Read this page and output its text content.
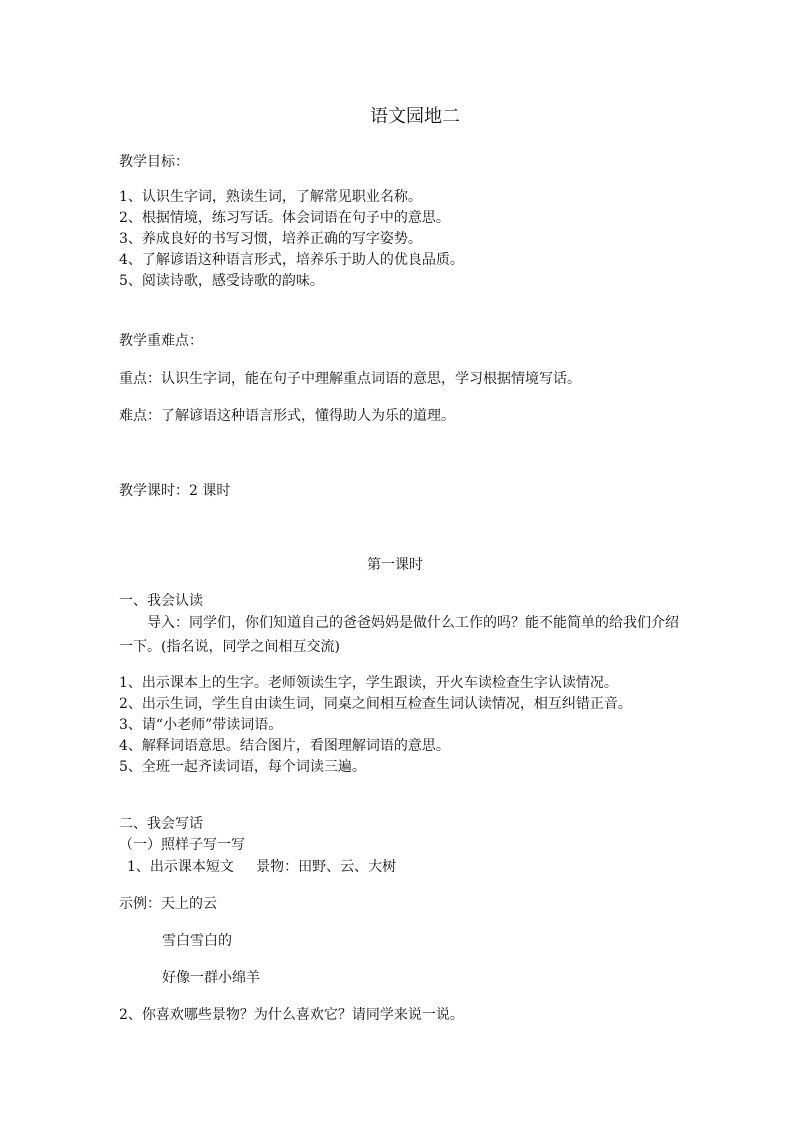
语文园地二
教学目标：
1、认识生字词，熟读生词，了解常见职业名称。
2、根据情境，练习写话。体会词语在句子中的意思。
3、养成良好的书写习惯，培养正确的写字姿势。
4、了解谚语这种语言形式，培养乐于助人的优良品质。
5、阅读诗歌，感受诗歌的韵味。
教学重难点：
重点：认识生字词，能在句子中理解重点词语的意思，学习根据情境写话。
难点：了解谚语这种语言形式，懂得助人为乐的道理。
教学课时：2 课时
第一课时
一、我会认读
导入：同学们，你们知道自己的爸爸妈妈是做什么工作的吗？能不能简单的给我们介绍
一下。(指名说，同学之间相互交流)
1、出示课本上的生字。老师领读生字，学生跟读，开火车读检查生字认读情况。
2、出示生词，学生自由读生词，同桌之间相互检查生词认读情况，相互纠错正音。
3、请“小老师”带读词语。
4、解释词语意思。结合图片，看图理解词语的意思。
5、全班一起齐读词语，每个词读三遍。
二、我会写话
（一）照样子写一写
1、出示课本短文     景物：田野、云、大树
示例：天上的云
雪白雪白的
好像一群小绵羊
2、你喜欢哪些景物？为什么喜欢它？请同学来说一说。
